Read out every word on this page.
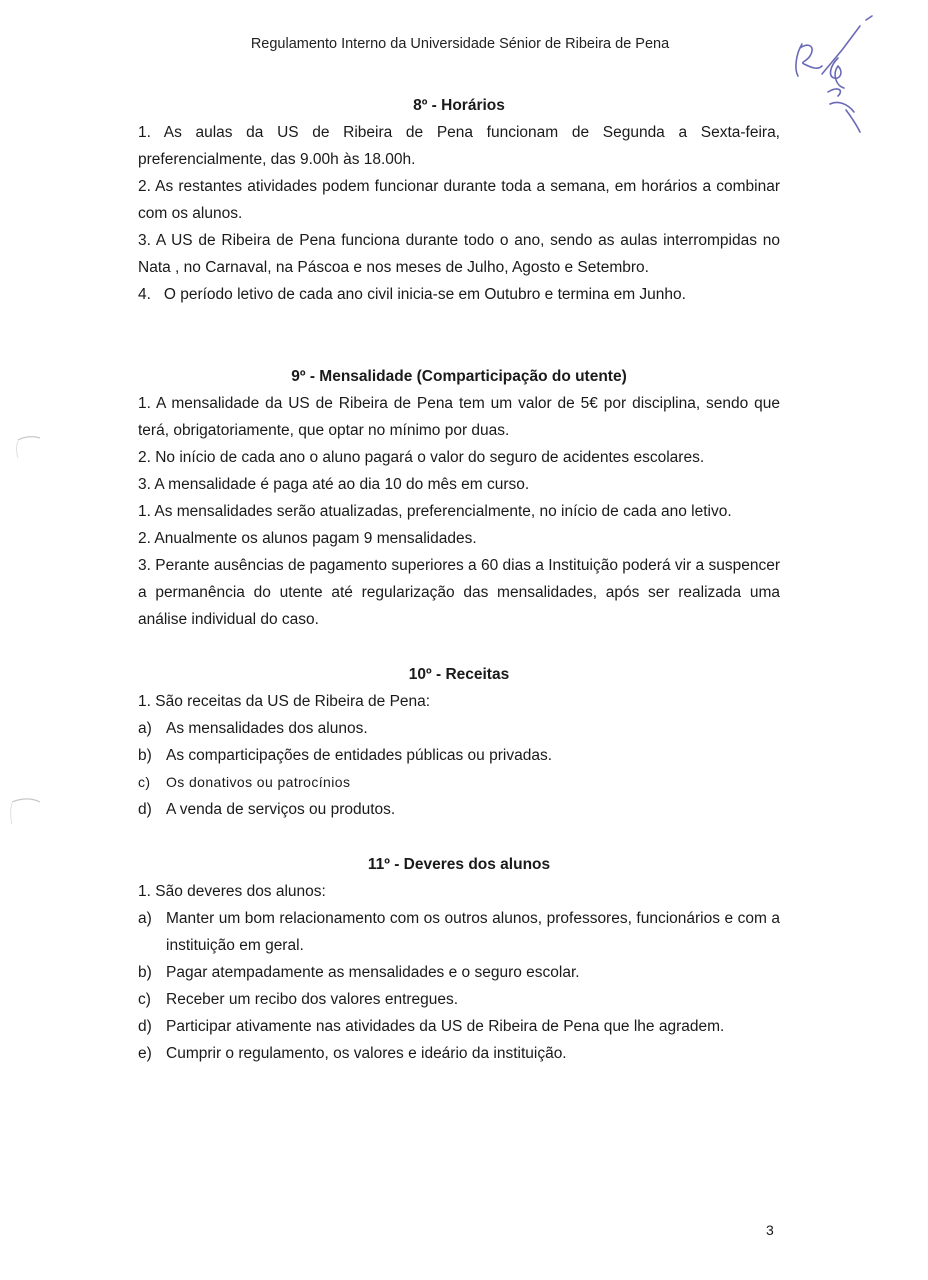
Regulamento Interno da Universidade Sénior de Ribeira de Pena
8º - Horários

1. As aulas da US de Ribeira de Pena funcionam de Segunda a Sexta-feira, preferencialmente, das 9.00h às 18.00h.

2. As restantes atividades podem funcionar durante toda a semana, em horários a combinar com os alunos.

3. A US de Ribeira de Pena funciona durante todo o ano, sendo as aulas interrompidas no Nata , no Carnaval, na Páscoa e nos meses de Julho, Agosto e Setembro.

4.   O período letivo de cada ano civil inicia-se em Outubro e termina em Junho.

9º - Mensalidade (Comparticipação do utente)

1. A mensalidade da US de Ribeira de Pena tem um valor de 5€ por disciplina, sendo que terá, obrigatoriamente, que optar no mínimo por duas.

2. No início de cada ano o aluno pagará o valor do seguro de acidentes escolares.

3. A mensalidade é paga até ao dia 10 do mês em curso.

1. As mensalidades serão atualizadas, preferencialmente, no início de cada ano letivo.

2. Anualmente os alunos pagam 9 mensalidades.

3. Perante ausências de pagamento superiores a 60 dias a Instituição poderá vir a suspencer a permanência do utente até regularização das mensalidades, após ser realizada uma análise individual do caso.

10º - Receitas

1. São receitas da US de Ribeira de Pena:

a) As mensalidades dos alunos.
b) As comparticipações de entidades públicas ou privadas.
c)	Os donativos ou patrocínios
d) A venda de serviços ou produtos.
11º - Deveres dos alunos

1. São deveres dos alunos:

a) Manter um bom relacionamento com os outros alunos, professores, funcionários e com a instituição em geral.
b) Pagar atempadamente as mensalidades e o seguro escolar.
c) Receber um recibo dos valores entregues.
d) Participar ativamente nas atividades da US de Ribeira de Pena que lhe agradem.
e) Cumprir o regulamento, os valores e ideário da instituição.
3
